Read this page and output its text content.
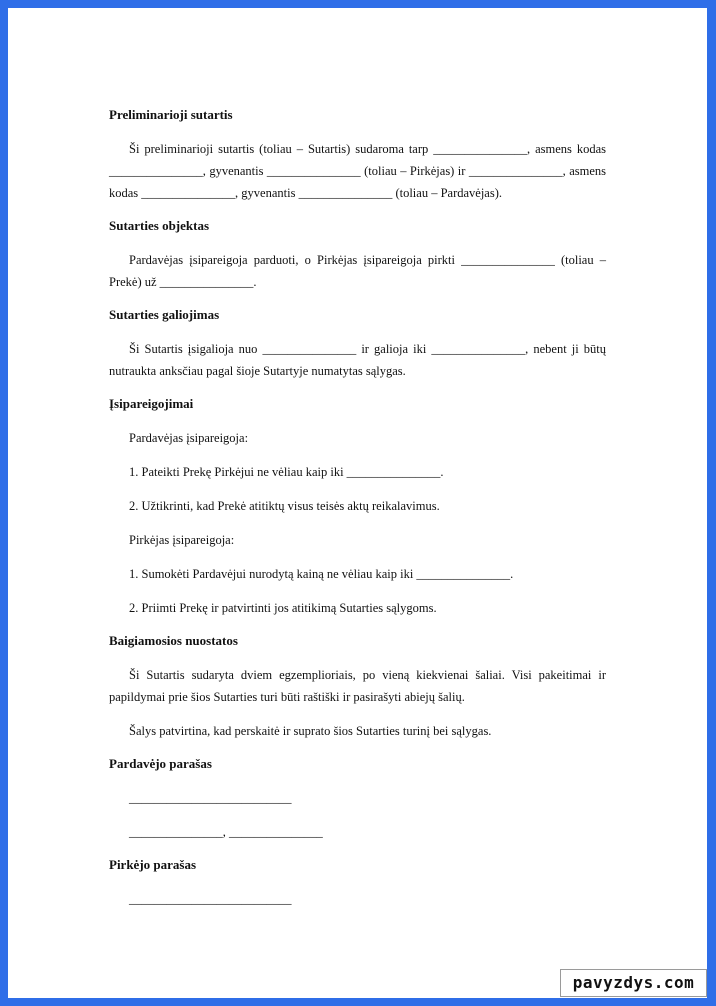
Preliminarioji sutartis

Ši preliminarioji sutartis (toliau – Sutartis) sudaroma tarp _______________, asmens kodas _______________, gyvenantis _______________ (toliau – Pirkėjas) ir _______________, asmens kodas _______________, gyvenantis _______________ (toliau – Pardavėjas).

Sutarties objektas

Pardavėjas įsipareigoja parduoti, o Pirkėjas įsipareigoja pirkti _______________ (toliau – Prekė) už _______________.

Sutarties galiojimas

Ši Sutartis įsigalioja nuo _______________ ir galioja iki _______________, nebent ji būtų nutraukta anksčiau pagal šioje Sutartyje numatytas sąlygas.

Įsipareigojimai

Pardavėjas įsipareigoja:

1. Pateikti Prekę Pirkėjui ne vėliau kaip iki _______________.

2. Užtikrinti, kad Prekė atitiktų visus teisės aktų reikalavimus.

Pirkėjas įsipareigoja:

1. Sumokėti Pardavėjui nurodytą kainą ne vėliau kaip iki _______________.

2. Priimti Prekę ir patvirtinti jos atitikimą Sutarties sąlygoms.

Baigiamosios nuostatos

Ši Sutartis sudaryta dviem egzemplioriais, po vieną kiekvienai šaliai. Visi pakeitimai ir papildymai prie šios Sutarties turi būti raštiški ir pasirašyti abiejų šalių.

Šalys patvirtina, kad perskaitė ir suprato šios Sutarties turinį bei sąlygas.

Pardavėjo parašas
__________________________
_______________, _______________
Pirkėjo parašas
__________________________
pavyzdys.com
